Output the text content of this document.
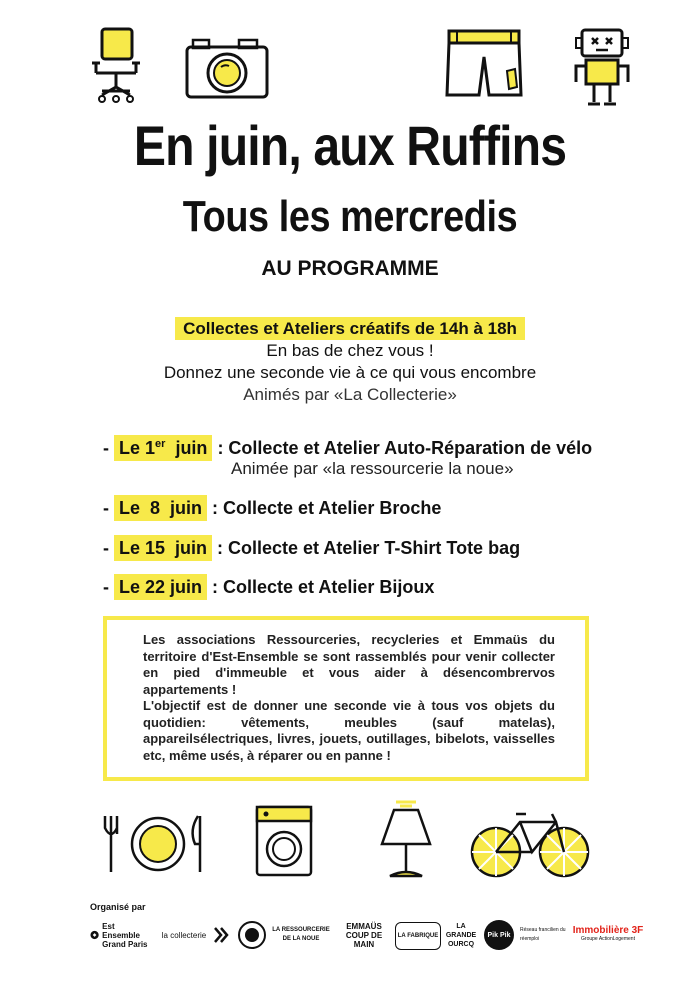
En juin, aux Ruffins
Tous les mercredis
AU PROGRAMME
Collectes et Ateliers créatifs de 14h à 18h
En bas de chez vous !
Donnez une seconde vie à ce qui vous encombre
Animés par «La Collecterie»
- Le 1er  juin : Collecte et Atelier Auto-Réparation de vélo
Animée par «la ressourcerie la noue»
- Le  8  juin : Collecte et Atelier Broche
- Le 15  juin : Collecte et Atelier T-Shirt Tote bag
- Le 22 juin : Collecte et Atelier Bijoux

Les associations Ressourceries, recycleries et Emmaüs du territoire d'Est-Ensemble se sont rassemblés pour venir collecter en pied d'immeuble et vous aider à désencombrervos appartements !

L'objectif est de donner une seconde vie à tous vos objets du quotidien: vêtements, meubles (sauf matelas), appareilsélectriques, livres, jouets, outillages, bibelots, vaisselles etc, même usés, à réparer ou en panne !

Organisé par
Est Ensemble Grand Paris
la collecterie
LA RESSOURCERIE DE LA NOUE
EMMAÜS COUP DE MAIN
LA FABRIQUE
LA GRANDE OURCQ
Pik Pik
Réseau francilien du réemploi
Immobilière 3F
Groupe ActionLogement
